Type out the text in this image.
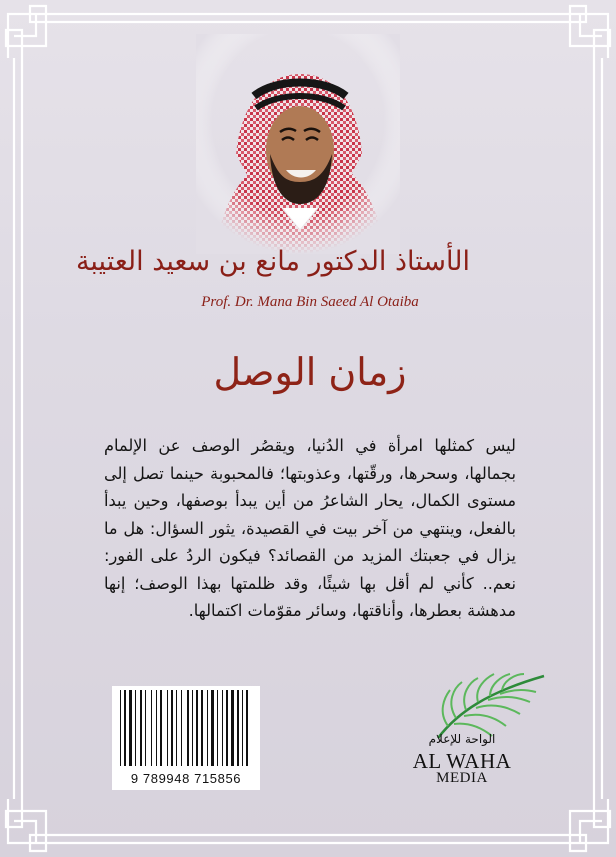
الأستاذ الدكتور مانع بن سعيد العتيبة
Prof. Dr. Mana Bin Saeed Al Otaiba
زمان الوصل
ليس كمثلها امرأة في الدُنيا، ويقصُر الوصف عن الإلمام بجمالها، وسحرها، ورقّتها، وعذوبتها؛ فالمحبوبة حينما تصل إلى مستوى الكمال، يحار الشاعرُ من أين يبدأ بوصفها، وحين يبدأ بالفعل، وينتهي من آخر بيت في القصيدة، يثور السؤال: هل ما يزال في جعبتك المزيد من القصائد؟ فيكون الردُ على الفور: نعم.. كأني لم أقل بها شيئًا، وقد ظلمتها بهذا الوصف؛ إنها مدهشة بعطرها، وأناقتها، وسائر مقوّمات اكتمالها.
9 789948 715856
الواحة للإعلام
AL WAHA
MEDIA
